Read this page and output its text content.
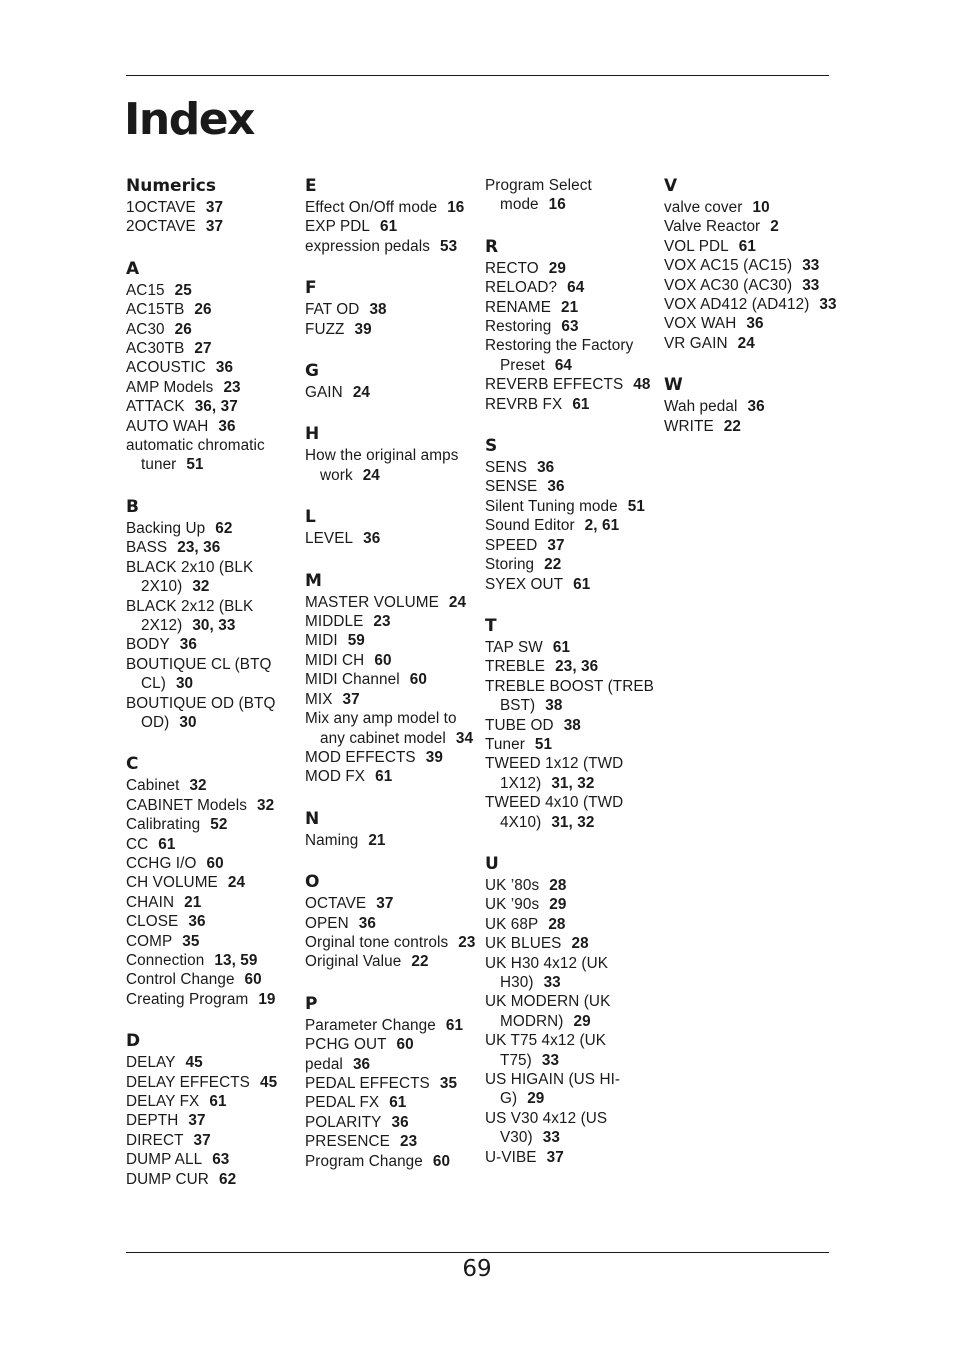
Index
Numerics
1OCTAVE 37
2OCTAVE 37
A
AC15 25
AC15TB 26
AC30 26
AC30TB 27
ACOUSTIC 36
AMP Models 23
ATTACK 36, 37
AUTO WAH 36
automatic chromatic tuner 51
B
Backing Up 62
BASS 23, 36
BLACK 2x10 (BLK 2X10) 32
BLACK 2x12 (BLK 2X12) 30, 33
BODY 36
BOUTIQUE CL (BTQ CL) 30
BOUTIQUE OD (BTQ OD) 30
C
Cabinet 32
CABINET Models 32
Calibrating 52
CC 61
CCHG I/O 60
CH VOLUME 24
CHAIN 21
CLOSE 36
COMP 35
Connection 13, 59
Control Change 60
Creating Program 19
D
DELAY 45
DELAY EFFECTS 45
DELAY FX 61
DEPTH 37
DIRECT 37
DUMP ALL 63
DUMP CUR 62
E
Effect On/Off mode 16
EXP PDL 61
expression pedals 53
F
FAT OD 38
FUZZ 39
G
GAIN 24
H
How the original amps work 24
L
LEVEL 36
M
MASTER VOLUME 24
MIDDLE 23
MIDI 59
MIDI CH 60
MIDI Channel 60
MIX 37
Mix any amp model to any cabinet model 34
MOD EFFECTS 39
MOD FX 61
N
Naming 21
O
OCTAVE 37
OPEN 36
Orginal tone controls 23
Original Value 22
P
Parameter Change 61
PCHG OUT 60
pedal 36
PEDAL EFFECTS 35
PEDAL FX 61
POLARITY 36
PRESENCE 23
Program Change 60
Program Select mode 16
R
RECTO 29
RELOAD? 64
RENAME 21
Restoring 63
Restoring the Factory Preset 64
REVERB EFFECTS 48
REVRB FX 61
S
SENS 36
SENSE 36
Silent Tuning mode 51
Sound Editor 2, 61
SPEED 37
Storing 22
SYEX OUT 61
T
TAP SW 61
TREBLE 23, 36
TREBLE BOOST (TREB BST) 38
TUBE OD 38
Tuner 51
TWEED 1x12 (TWD 1X12) 31, 32
TWEED 4x10 (TWD 4X10) 31, 32
U
UK ’80s 28
UK ’90s 29
UK 68P 28
UK BLUES 28
UK H30 4x12 (UK H30) 33
UK MODERN (UK MODRN) 29
UK T75 4x12 (UK T75) 33
US HIGAIN (US HI-G) 29
US V30 4x12 (US V30) 33
U-VIBE 37
V
valve cover 10
Valve Reactor 2
VOL PDL 61
VOX AC15 (AC15) 33
VOX AC30 (AC30) 33
VOX AD412 (AD412) 33
VOX WAH 36
VR GAIN 24
W
Wah pedal 36
WRITE 22
69
